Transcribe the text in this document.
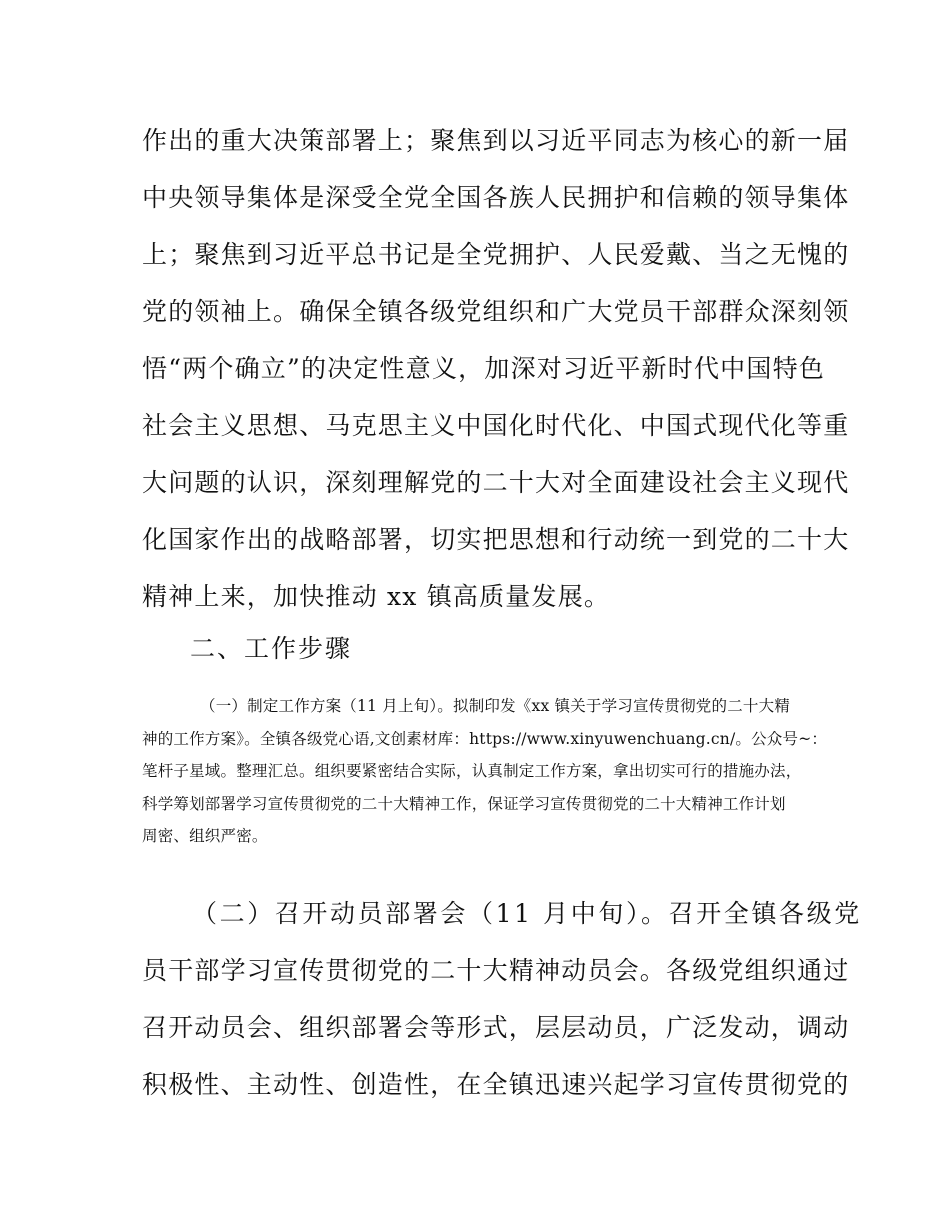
作出的重大决策部署上；聚焦到以习近平同志为核心的新一届
中央领导集体是深受全党全国各族人民拥护和信赖的领导集体
上；聚焦到习近平总书记是全党拥护、人民爱戴、当之无愧的
党的领袖上。确保全镇各级党组织和广大党员干部群众深刻领
悟“两个确立”的决定性意义，加深对习近平新时代中国特色
社会主义思想、马克思主义中国化时代化、中国式现代化等重
大问题的认识，深刻理解党的二十大对全面建设社会主义现代
化国家作出的战略部署，切实把思想和行动统一到党的二十大
精神上来，加快推动 xx 镇高质量发展。
二、工作步骤
（一）制定工作方案（11 月上旬）。拟制印发《xx 镇关于学习宣传贯彻党的二十大精
神的工作方案》。全镇各级党心语,文创素材库：https://www.xinyuwenchuang.cn/。公众号~：
笔杆子星域。整理汇总。组织要紧密结合实际，认真制定工作方案，拿出切实可行的措施办法，
科学筹划部署学习宣传贯彻党的二十大精神工作，保证学习宣传贯彻党的二十大精神工作计划
周密、组织严密。
（二）召开动员部署会（11 月中旬）。召开全镇各级党
员干部学习宣传贯彻党的二十大精神动员会。各级党组织通过
召开动员会、组织部署会等形式，层层动员，广泛发动，调动
积极性、主动性、创造性，在全镇迅速兴起学习宣传贯彻党的
